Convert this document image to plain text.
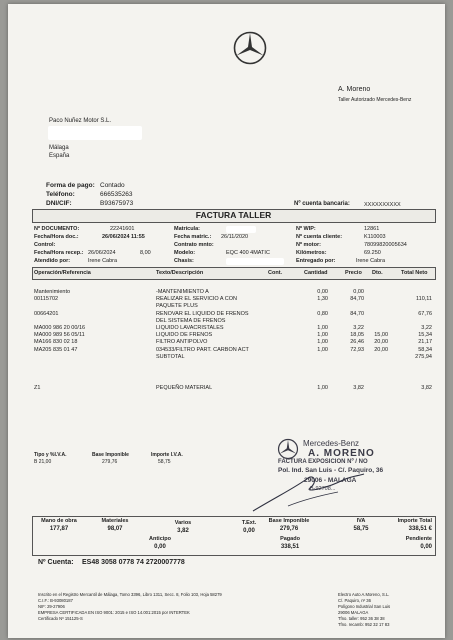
A. Moreno
Taller Autorizado Mercedes-Benz
Paco Nuñez Motor S.L.
Málaga
España
Forma de pago: Contado
Teléfono:	666535263
DNI/CIF:	B93675973	Nº cuenta bancaria:	XXXXXXXXXX
FACTURA TALLER
Nº DOCUMENTO:	22241601
Fecha/Hora doc.:	26/06/2024 11:55
Control:
Fecha/Hora recep.: 26/06/2024	8,00
Atendido por:	Irene Cabra
Matrícula:
Fecha matric.: 26/11/2020
Contrato mnto:
Modelo:	EQC 400 4MATIC
Chasis:
Nº WIP:	12861
Nº cuenta cliente:	K110003
Nº motor:	78099820005634
Kilómetros:	69.250
Entregado por:	Irene Cabra
Operación/Referencia	Texto/Descripción	Cont.	Cantidad	Precio Dto.	Total Neto
Z1	PEQUEÑO MATERIAL	1,00	3,82	3,82
Tipo y %I.V.A.
B 21,00
Base Imponible
279,76
Importe I.V.A.
58,75
Mercedes-Benz
A. MORENO
FACTURA EXPOSICION Nº / NO
Pol. Ind. San Luis - C/. Paquiro, 36
29006 - MALAGA
B-92708...
Mano de obra
177,87
Materiales
98,07
Varios
3,82
T.Ext.
0,00
Base Imponible
279,76
IVA
58,75
Importe Total
338,51 €
Anticipo
0,00
Pagado
338,51
Pendiente
0,00
Nº Cuenta: ES48 3058 0778 74 2720007778
Inscrito en el Registro Mercantil de Málaga, Tomo 3396, Libro 1311, Secc. 8, Folio 103, Hoja 58279
C.I.F.: B-93080187
NIF: 29-27906
EMPRESA CERTIFICADA EN ISO 9001: 2015 e ISO 14.001:2015 por INTERTEK
Certificado Nº 151125-S
Electro Auto A.Moreno, S.L.
C/. Paquiro, nº 36
Polígono Industrial San Luis
29006 MALAGA
Tfno. taller: 952 36 38 38
Tfno. recamb: 952 32 17 83
Mantenimiento	-MANTENIMIENTO A	0,00	0,00
00115702	REALIZAR EL SERVICIO A CON	1,30	84,70	110,11
PAQUETE PLUS
00664201	RENOVAR EL LIQUIDO DE FRENOS	0,80	84,70	67,76
DEL SISTEMA DE FRENOS
MA000 986 20 00/16	LIQUIDO LAVACRISTALES	1,00	3,22	3,22
MA000 989 56 05/11	LIQUIDO DE FRENOS	1,00	18,05	15,00	15,34
MA166 830 02 18	FILTRO ANTIPOLVO	1,00	26,46	20,00	21,17
MA205 835 01 47	034533/FILTRO PART. CARBON ACT	1,00	72,93	20,00	58,34
SUBTOTAL	275,94
